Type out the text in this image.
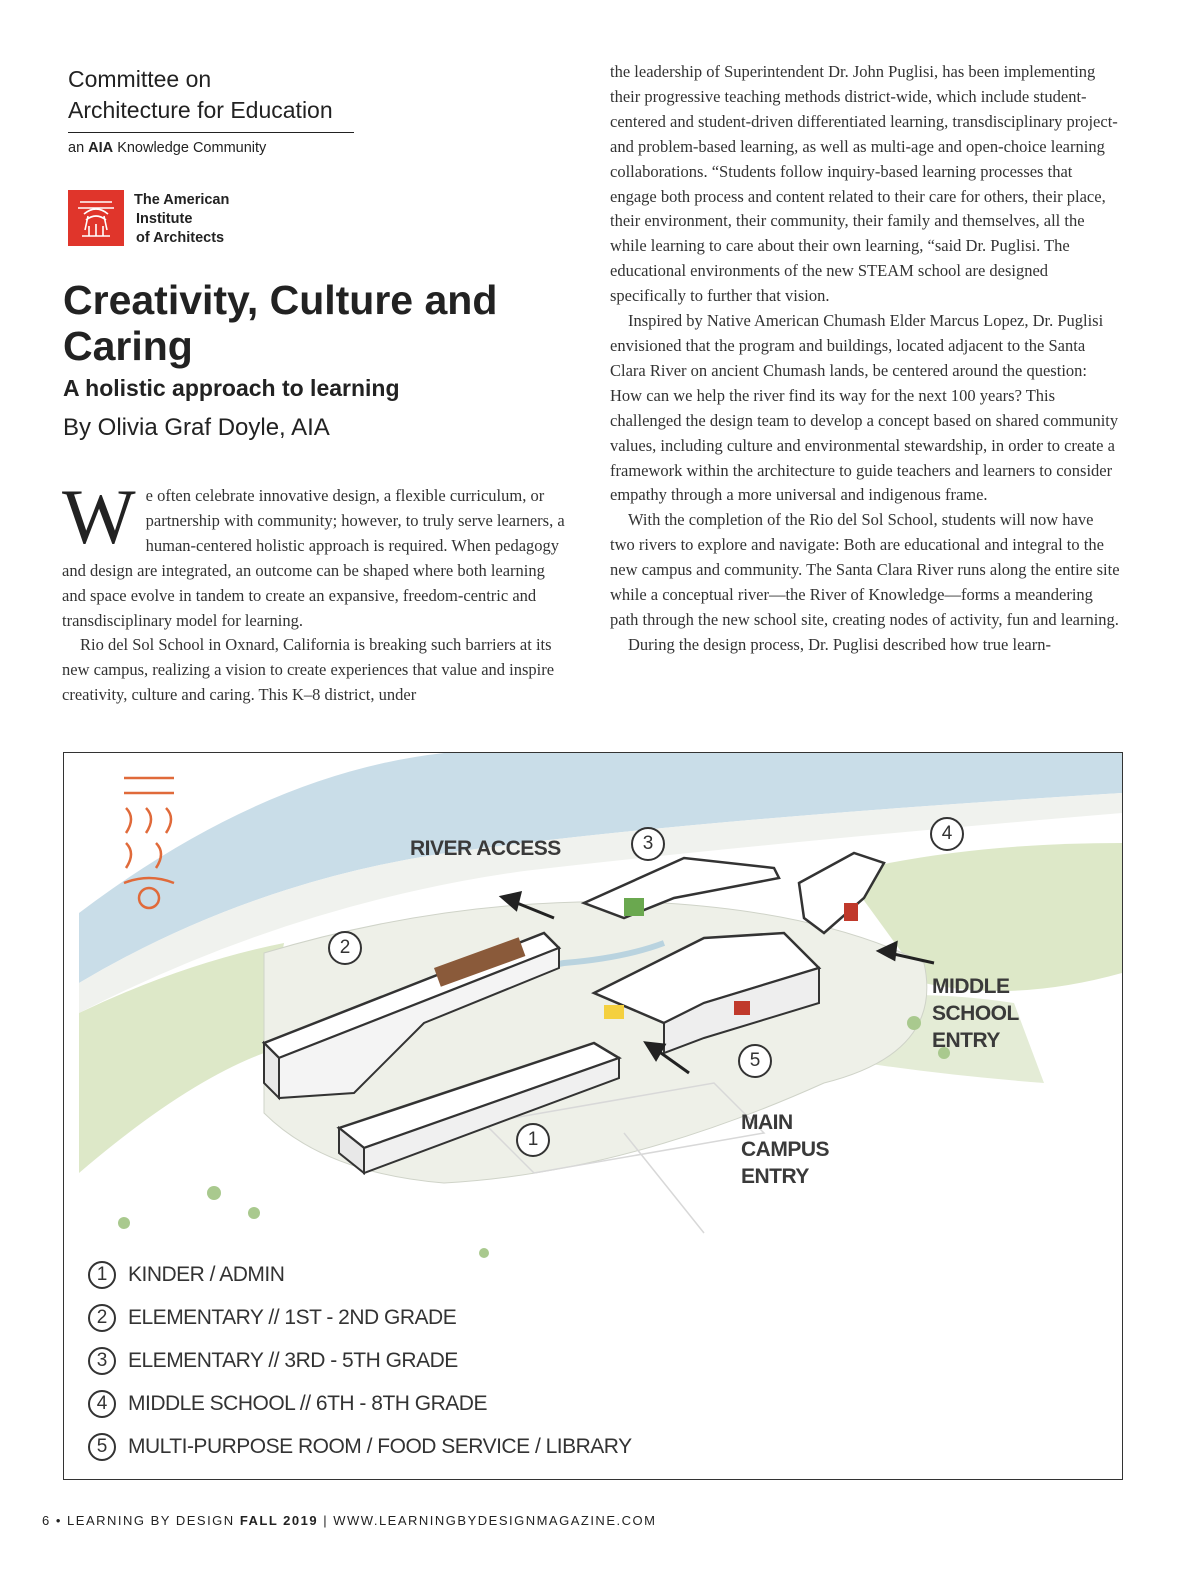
Committee on
Architecture for Education
an AIA Knowledge Community
The American
Institute
of Architects
Creativity, Culture and Caring
A holistic approach to learning
By Olivia Graf Doyle, AIA

We often celebrate innovative design, a flexible curriculum, or partnership with community; however, to truly serve learners, a human-centered holistic approach is required. When pedagogy and design are integrated, an outcome can be shaped where both learning and space evolve in tandem to create an expansive, freedom-centric and transdisciplinary model for learning.

Rio del Sol School in Oxnard, California is breaking such barriers at its new campus, realizing a vision to create experiences that value and inspire creativity, culture and caring. This K–8 district, under

the leadership of Superintendent Dr. John Puglisi, has been implementing their progressive teaching methods district-wide, which include student-centered and student-driven differentiated learning, transdisciplinary project- and problem-based learning, as well as multi-age and open-choice learning collaborations. “Students follow inquiry-based learning processes that engage both process and content related to their care for others, their place, their environment, their community, their family and themselves, all the while learning to care about their own learning, “said Dr. Puglisi. The educational environments of the new STEAM school are designed specifically to further that vision.

Inspired by Native American Chumash Elder Marcus Lopez, Dr. Puglisi envisioned that the program and buildings, located adjacent to the Santa Clara River on ancient Chumash lands, be centered around the question: How can we help the river find its way for the next 100 years? This challenged the design team to develop a concept based on shared community values, including culture and environmental stewardship, in order to create a framework within the architecture to guide teachers and learners to consider empathy through a more universal and indigenous frame.

With the completion of the Rio del Sol School, students will now have two rivers to explore and navigate: Both are educational and integral to the new campus and community. The Santa Clara River runs along the entire site while a conceptual river—the River of Knowledge—forms a meandering path through the new school site, creating nodes of activity, fun and learning.

During the design process, Dr. Puglisi described how true learn-

3	4
2
5
1
RIVER ACCESS
MIDDLE
SCHOOL
ENTRY
MAIN
CAMPUS
ENTRY
1 KINDER / ADMIN
2 ELEMENTARY // 1ST - 2ND GRADE
3 ELEMENTARY // 3RD - 5TH GRADE
4 MIDDLE SCHOOL // 6TH - 8TH GRADE
5 MULTI-PURPOSE ROOM / FOOD SERVICE / LIBRARY
6 • LEARNING BY DESIGN FALL 2019 | WWW.LEARNINGBYDESIGNMAGAZINE.COM
